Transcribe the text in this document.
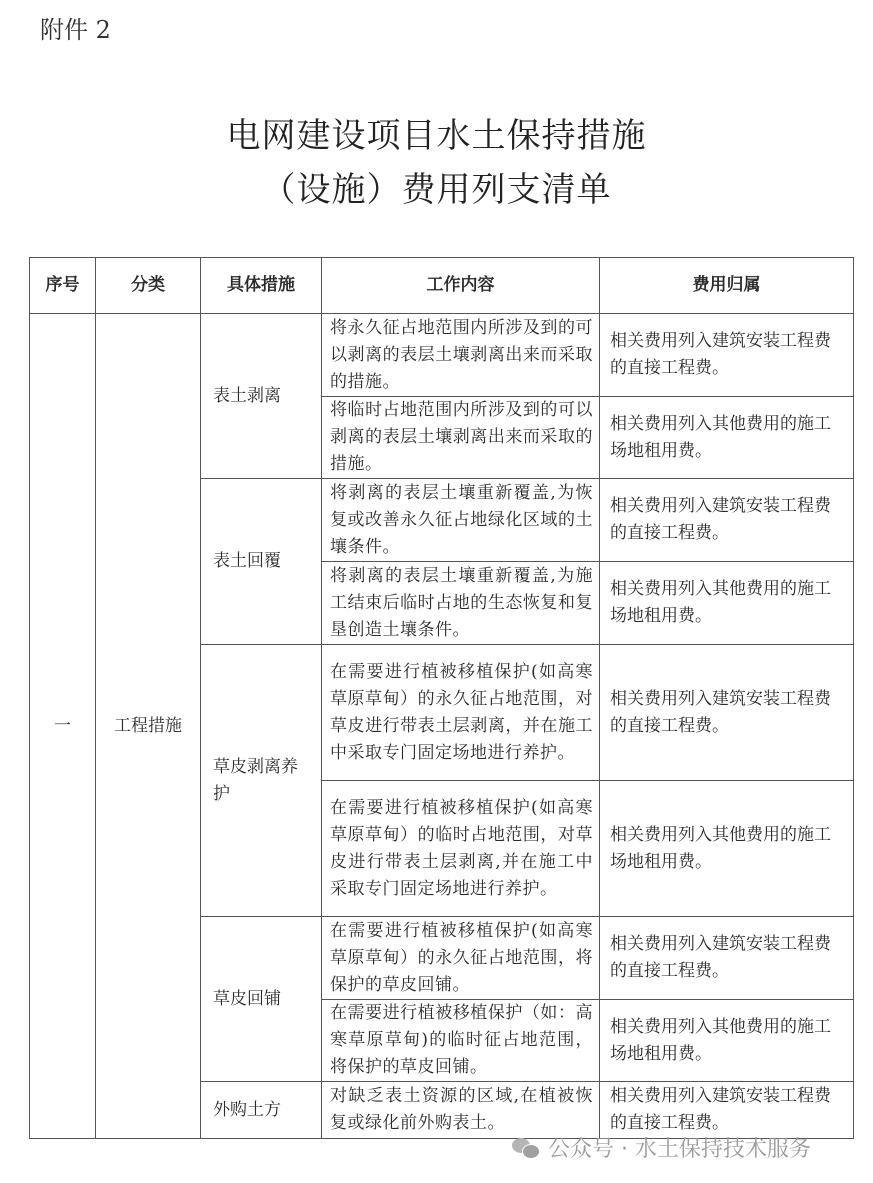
附件 2
电网建设项目水土保持措施
（设施）费用列支清单
序号	分类	具体措施	工作内容	费用归属
一	工程措施	表土剥离	将永久征占地范围内所涉及到的可以剥离的表层土壤剥离出来而采取的措施。	相关费用列入建筑安装工程费的直接工程费。
			将临时占地范围内所涉及到的可以剥离的表层土壤剥离出来而采取的措施。	相关费用列入其他费用的施工场地租用费。
		表土回覆	将剥离的表层土壤重新覆盖,为恢复或改善永久征占地绿化区域的土壤条件。	相关费用列入建筑安装工程费的直接工程费。
			将剥离的表层土壤重新覆盖,为施工结束后临时占地的生态恢复和复垦创造土壤条件。	相关费用列入其他费用的施工场地租用费。
		草皮剥离养护	在需要进行植被移植保护(如高寒草原草甸）的永久征占地范围，对草皮进行带表土层剥离，并在施工中采取专门固定场地进行养护。	相关费用列入建筑安装工程费的直接工程费。
			在需要进行植被移植保护(如高寒草原草甸）的临时占地范围，对草皮进行带表土层剥离,并在施工中采取专门固定场地进行养护。	相关费用列入其他费用的施工场地租用费。
		草皮回铺	在需要进行植被移植保护(如高寒草原草甸）的永久征占地范围，将保护的草皮回铺。	相关费用列入建筑安装工程费的直接工程费。
			在需要进行植被移植保护（如：高寒草原草甸)的临时征占地范围，将保护的草皮回铺。	相关费用列入其他费用的施工场地租用费。
		外购土方	对缺乏表土资源的区域,在植被恢复或绿化前外购表土。	相关费用列入建筑安装工程费的直接工程费。
公众号 · 水土保持技术服务
